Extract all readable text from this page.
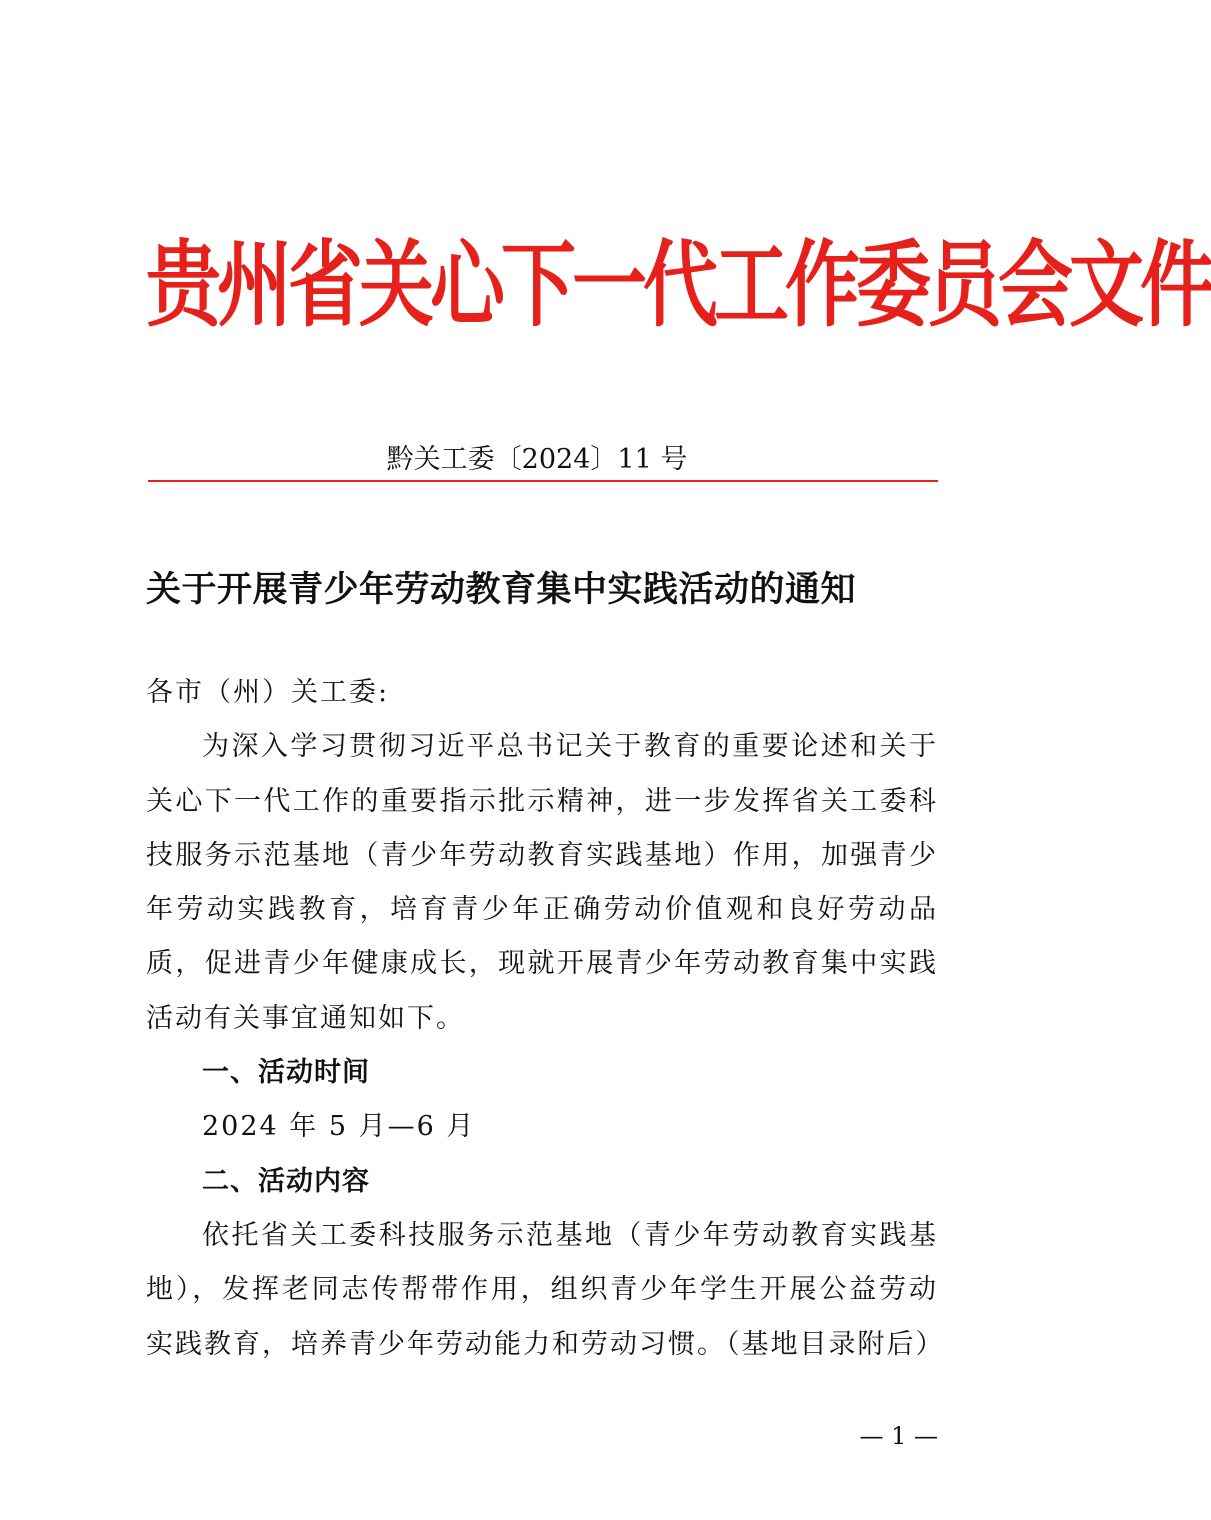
贵州省关心下一代工作委员会文件
黔关工委〔2024〕11 号
关于开展青少年劳动教育集中实践活动的通知

各市（州）关工委:

为深入学习贯彻习近平总书记关于教育的重要论述和关于关心下一代工作的重要指示批示精神，进一步发挥省关工委科技服务示范基地（青少年劳动教育实践基地）作用，加强青少年劳动实践教育，培育青少年正确劳动价值观和良好劳动品质，促进青少年健康成长，现就开展青少年劳动教育集中实践活动有关事宜通知如下。

一、活动时间

2024 年 5 月—6 月

二、活动内容

依托省关工委科技服务示范基地（青少年劳动教育实践基地），发挥老同志传帮带作用，组织青少年学生开展公益劳动实践教育，培养青少年劳动能力和劳动习惯。（基地目录附后）

— 1 —
